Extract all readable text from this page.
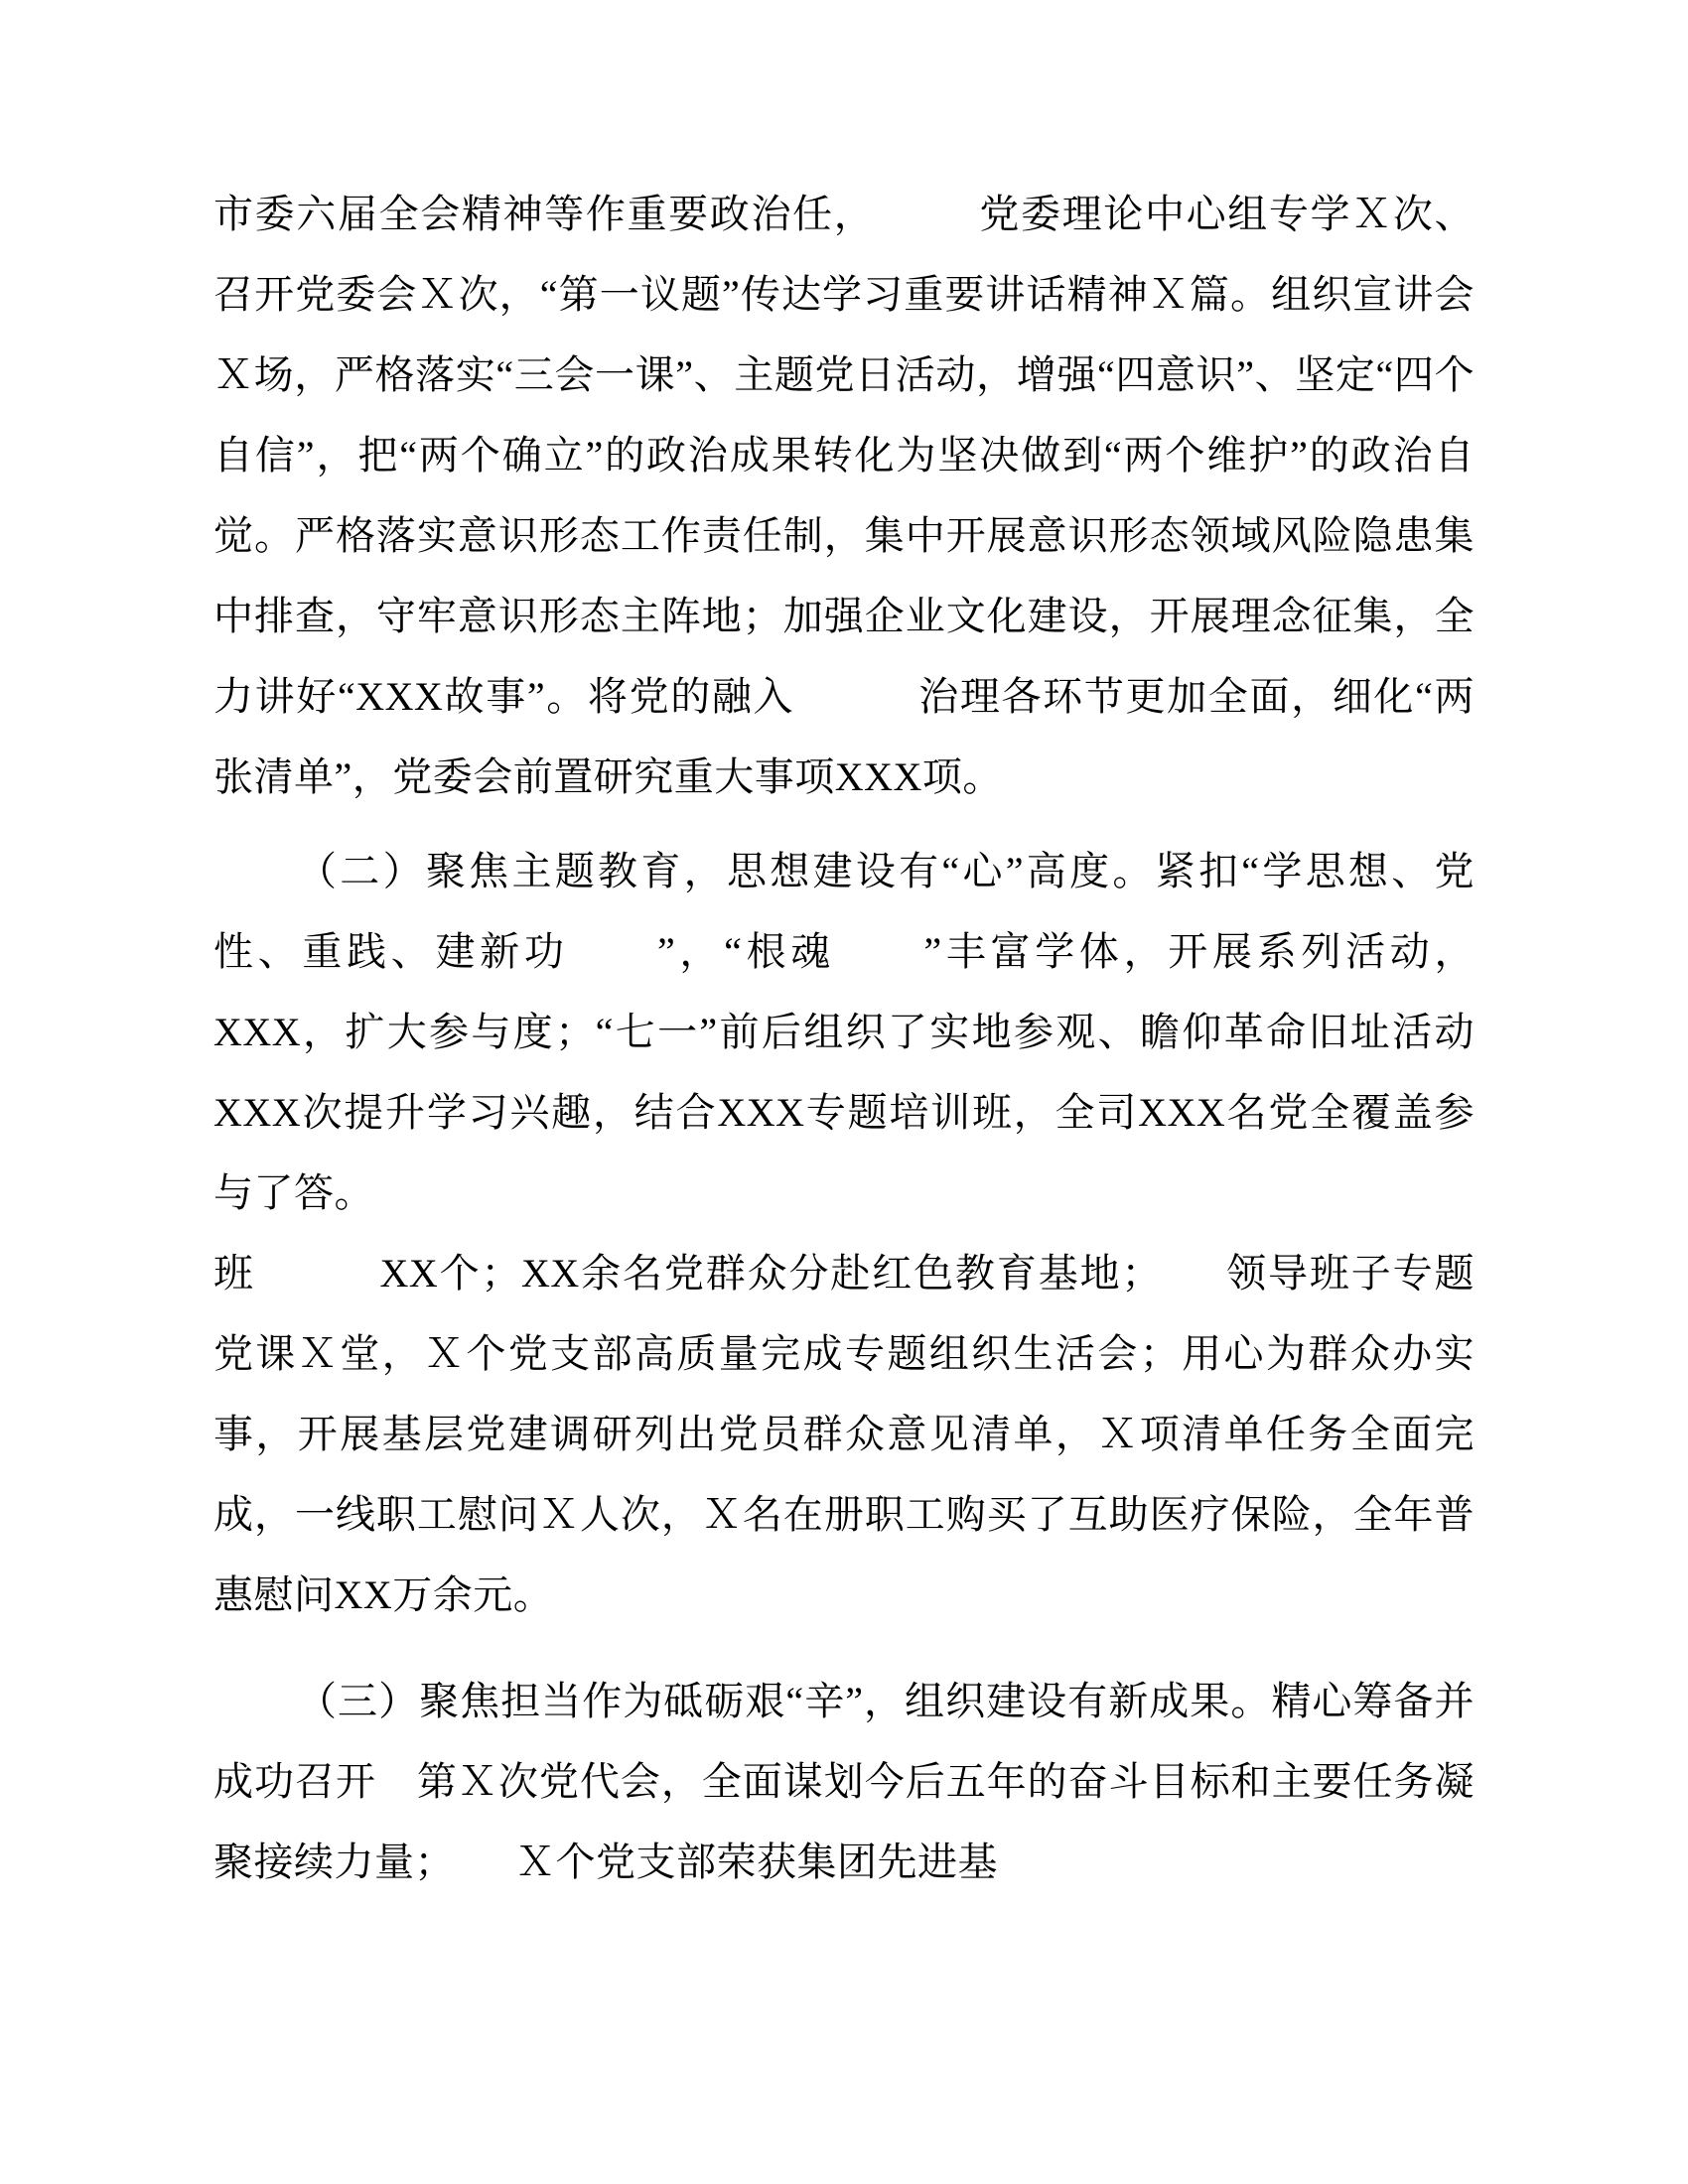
市委六届全会精神等作重要政治任，　　　党委理论中心组专学Ｘ次、召开党委会Ｘ次，“第一议题”传达学习重要讲话精神Ｘ篇。组织宣讲会Ｘ场，严格落实“三会一课”、主题党日活动，增强“四意识”、坚定“四个自信”，把“两个确立”的政治成果转化为坚决做到“两个维护”的政治自觉。严格落实意识形态工作责任制，集中开展意识形态领域风险隐患集中排查，守牢意识形态主阵地；加强企业文化建设，开展理念征集，全力讲好“XXX故事”。将党的融入　　　治理各环节更加全面，细化“两张清单”，党委会前置研究重大事项XXX项。

（二）聚焦主题教育，思想建设有“心”高度。紧扣“学思想、党性、重践、建新功　　”，“根魂　　”丰富学体，开展系列活动，XXX，扩大参与度；“七一”前后组织了实地参观、瞻仰革命旧址活动XXX次提升学习兴趣，结合XXX专题培训班，全司XXX名党全覆盖参与了答。

班　　　XX个；XX余名党群众分赴红色教育基地；　　领导班子专题党课Ｘ堂，Ｘ个党支部高质量完成专题组织生活会；用心为群众办实事，开展基层党建调研列出党员群众意见清单，Ｘ项清单任务全面完成，一线职工慰问Ｘ人次，Ｘ名在册职工购买了互助医疗保险，全年普惠慰问XX万余元。

（三）聚焦担当作为砥砺艰“辛”，组织建设有新成果。精心筹备并成功召开　第Ｘ次党代会，全面谋划今后五年的奋斗目标和主要任务凝聚接续力量；　　Ｘ个党支部荣获集团先进基
